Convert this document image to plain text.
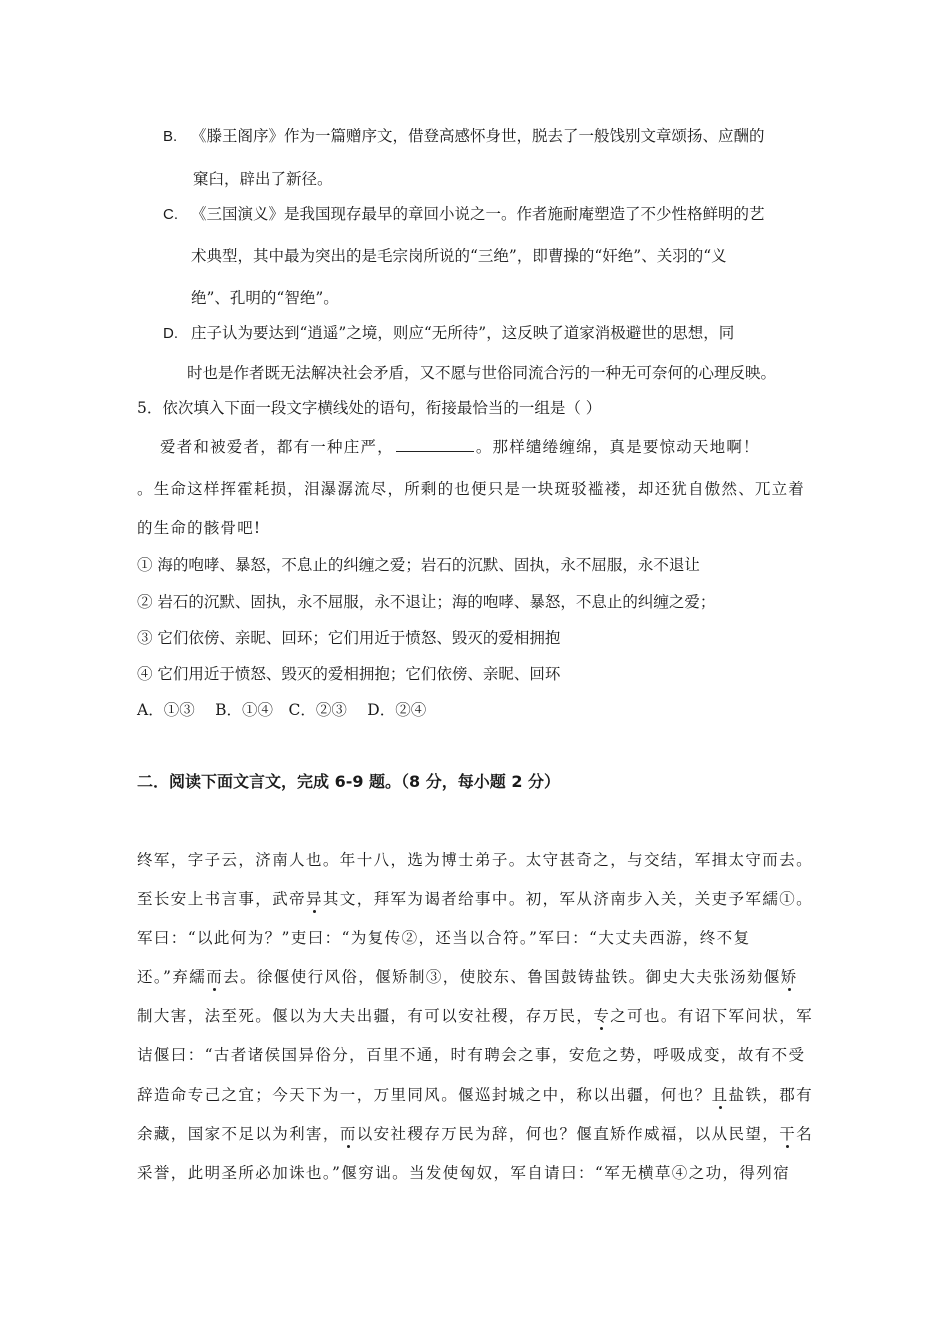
B. 《滕王阁序》作为一篇赠序文，借登高感怀身世，脱去了一般饯别文章颂扬、应酬的
窠臼，辟出了新径。
C. 《三国演义》是我国现存最早的章回小说之一。作者施耐庵塑造了不少性格鲜明的艺
术典型，其中最为突出的是毛宗岗所说的“三绝”，即曹操的“奸绝”、关羽的“义
绝”、孔明的“智绝”。
D. 庄子认为要达到“逍遥”之境，则应“无所待”，这反映了道家消极避世的思想，同
时也是作者既无法解决社会矛盾，又不愿与世俗同流合污的一种无可奈何的心理反映。
5．依次填入下面一段文字横线处的语句，衔接最恰当的一组是（ ）
爱者和被爱者，都有一种庄严，	。那样缱绻缠绵，真是要惊动天地啊！
。生命这样挥霍耗损，泪瀑潺流尽，所剩的也便只是一块斑驳褴褛，却还犹自傲然、兀立着
的生命的骸骨吧!
① 海的咆哮、暴怒，不息止的纠缠之爱；岩石的沉默、固执，永不屈服，永不退让
② 岩石的沉默、固执，永不屈服，永不退让；海的咆哮、暴怒，不息止的纠缠之爱；
③ 它们依傍、亲昵、回环；它们用近于愤怒、毁灭的爱相拥抱
④ 它们用近于愤怒、毁灭的爱相拥抱；它们依傍、亲昵、回环
A．①③　 B．①④　C．②③　 D．②④
二．阅读下面文言文，完成 6-9 题。（8 分，每小题 2 分）
终军，字子云，济南人也。年十八，选为博士弟子。太守甚奇之，与交结，军揖太守而去。
至长安上书言事，武帝异其文，拜军为谒者给事中。初，军从济南步入关，关吏予军繻①。
军曰：“以此何为？”吏曰：“为复传②，还当以合符。”军曰：“大丈夫西游，终不复
还。”弃繻而去。徐偃使行风俗，偃矫制③，使胶东、鲁国鼓铸盐铁。御史大夫张汤劾偃矫
制大害，法至死。偃以为大夫出疆，有可以安社稷，存万民，专之可也。有诏下军问状，军
诘偃曰：“古者诸侯国异俗分，百里不通，时有聘会之事，安危之势，呼吸成变，故有不受
辞造命专己之宜；今天下为一，万里同风。偃巡封城之中，称以出疆，何也？且盐铁，郡有
余藏，国家不足以为利害，而以安社稷存万民为辞，何也？偃直矫作威福，以从民望，干名
采誉，此明圣所必加诛也。”偃穷诎。当发使匈奴，军自请曰：“军无横草④之功，得列宿
